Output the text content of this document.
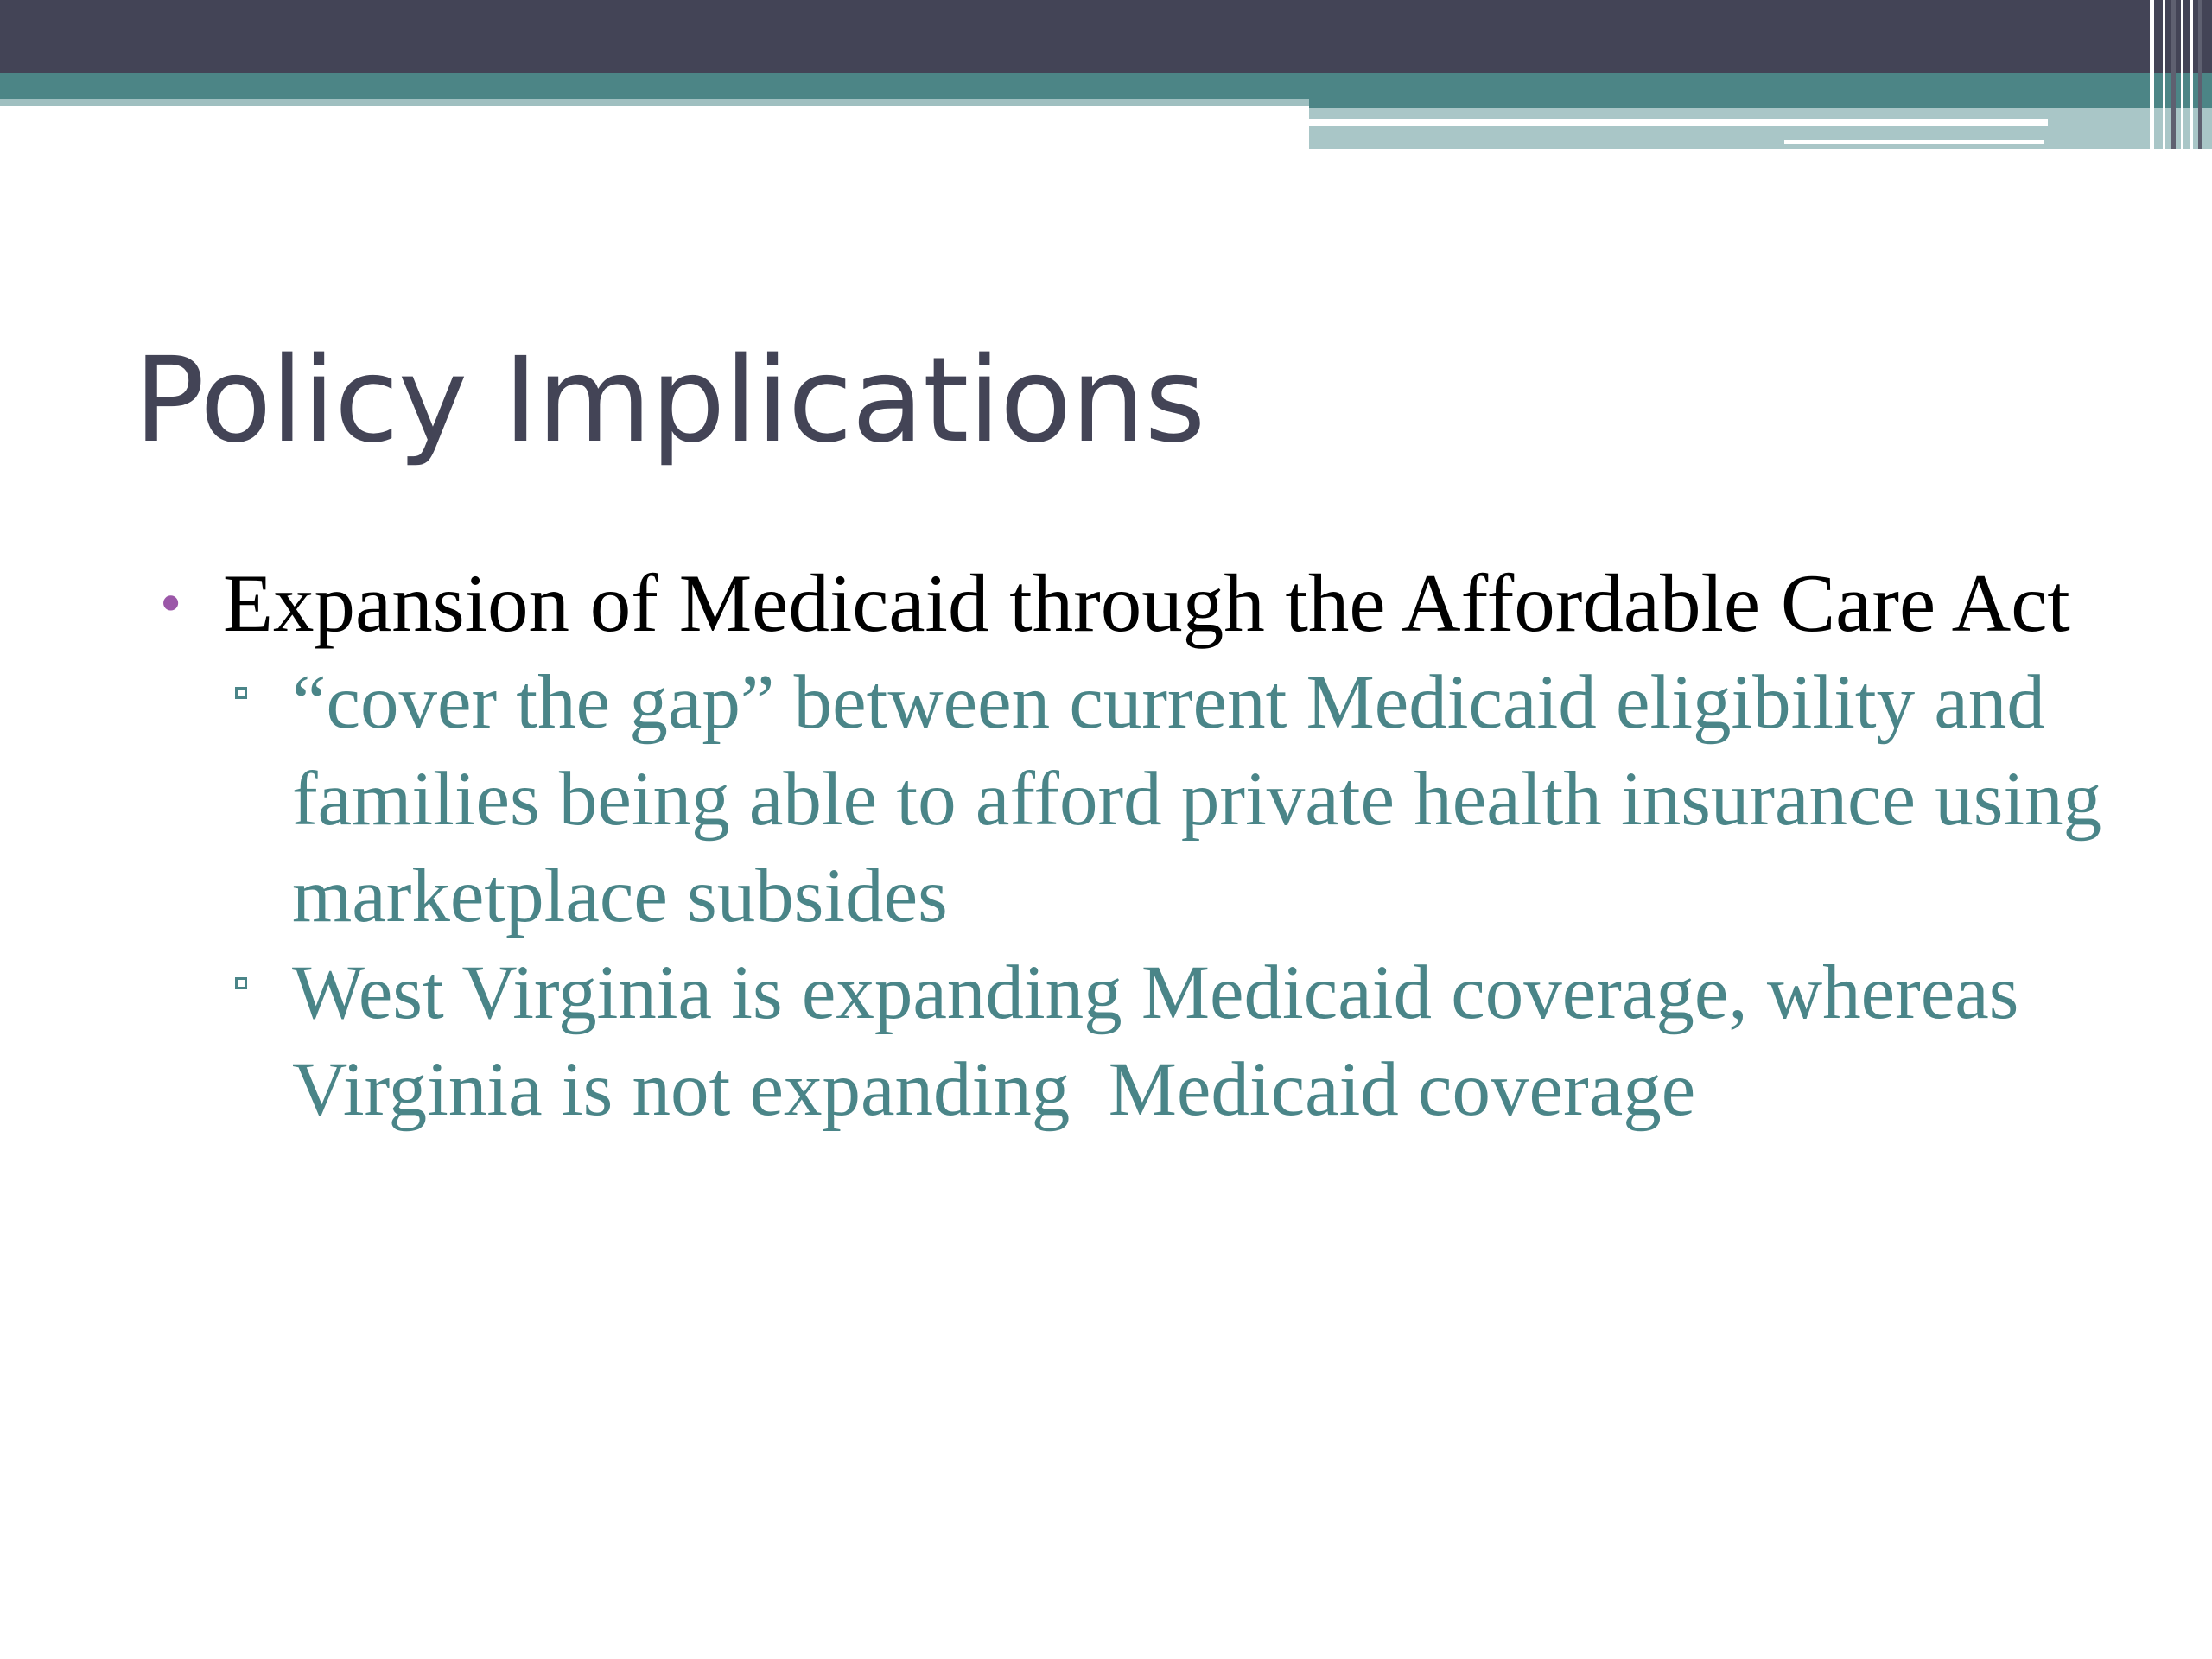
Policy Implications
• Expansion of Medicaid through the Affordable Care Act
“cover the gap” between current Medicaid eligibility and families being able to afford private health insurance using marketplace subsides
West Virginia is expanding Medicaid coverage, whereas Virginia is not expanding  Medicaid coverage
